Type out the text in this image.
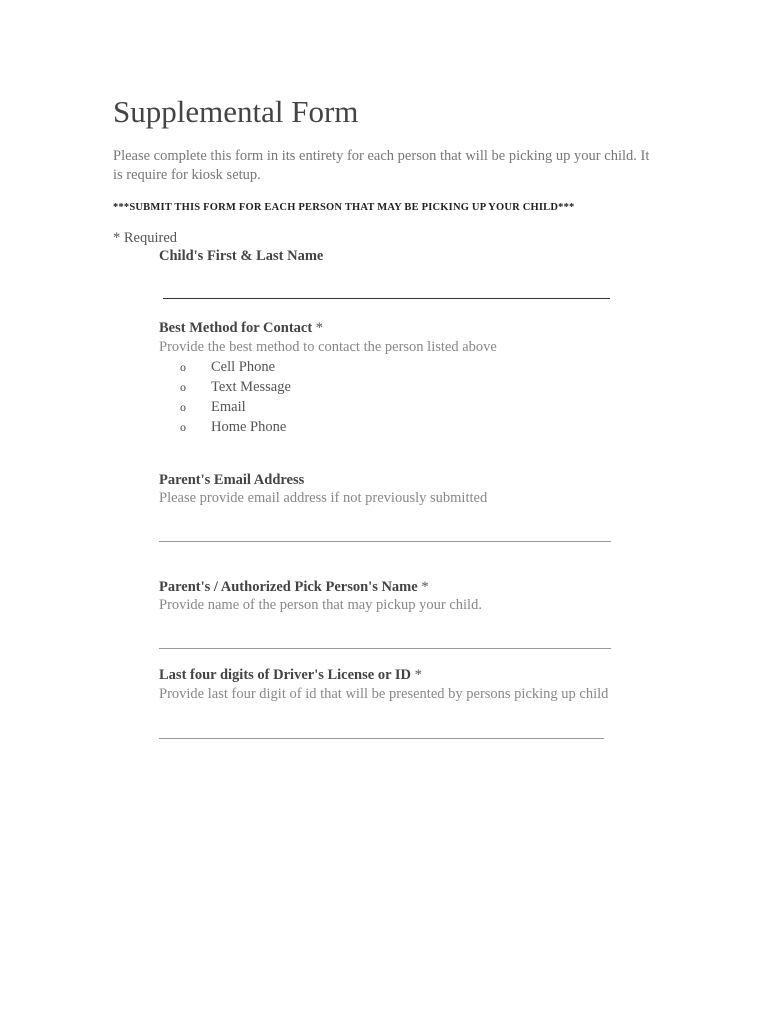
Supplemental Form
Please complete this form in its entirety for each person that will be picking up your child. It is require for kiosk setup.
***SUBMIT THIS FORM FOR EACH PERSON THAT MAY BE PICKING UP YOUR CHILD***
* Required
Child's First & Last Name
Best Method for Contact *
Provide the best method to contact the person listed above
o Cell Phone
o Text Message
o Email
o Home Phone
Parent's Email Address
Please provide email address if not previously submitted
Parent's / Authorized Pick Person's Name *
Provide name of the person that may pickup your child.
Last four digits of Driver's License or ID *
Provide last four digit of id that will be presented by persons picking up child
